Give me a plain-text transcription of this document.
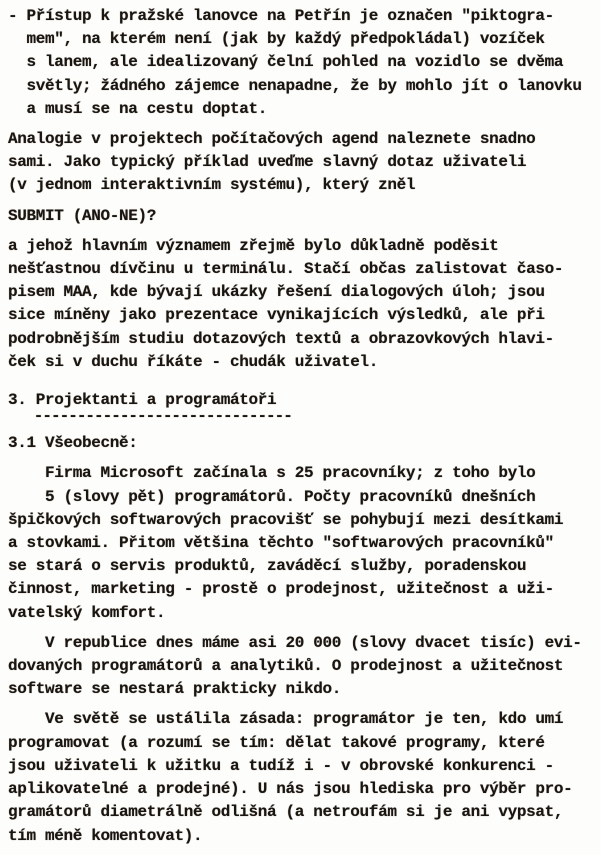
- Přístup k pražské lanovce na Petřín je označen "piktogra-
mem", na kterém není (jak by každý předpokládal) vozíček
s lanem, ale idealizovaný čelní pohled na vozidlo se dvěma
světly; žádného zájemce nenapadne, že by mohlo jít o lanovku
a musí se na cestu doptat.
Analogie v projektech počítačových agend naleznete snadno
sami. Jako typický příklad uveďme slavný dotaz uživateli
(v jednom interaktivním systému), který zněl
SUBMIT (ANO-NE)?
a jehož hlavním významem zřejmě bylo důkladně poděsit
nešťastnou dívčinu u terminálu. Stačí občas zalistovat časo-
pisem MAA, kde bývají ukázky řešení dialogových úloh; jsou
sice míněny jako prezentace vynikajících výsledků, ale při
podrobnějším studiu dotazových textů a obrazovkových hlavi-
ček si v duchu říkáte - chudák uživatel.
3. Projektanti a programátoři
------------------------------
3.1 Všeobecně:
Firma Microsoft začínala s 25 pracovníky; z toho bylo
5 (slovy pět) programátorů. Počty pracovníků dnešních
špičkových softwarových pracovišť se pohybují mezi desítkami
a stovkami. Přitom většina těchto "softwarových pracovníků"
se stará o servis produktů, zaváděcí služby, poradenskou
činnost, marketing - prostě o prodejnost, užitečnost a uži-
vatelský komfort.
V republice dnes máme asi 20 000 (slovy dvacet tisíc) evi-
dovaných programátorů a analytiků. O prodejnost a užitečnost
software se nestará prakticky nikdo.
Ve světě se ustálila zásada: programátor je ten, kdo umí
programovat (a rozumí se tím: dělat takové programy, které
jsou uživateli k užitku a tudíž i - v obrovské konkurenci -
aplikovatelné a prodejné). U nás jsou hlediska pro výběr pro-
gramátorů diametrálně odlišná (a netroufám si je ani vypsat,
tím méně komentovat).
